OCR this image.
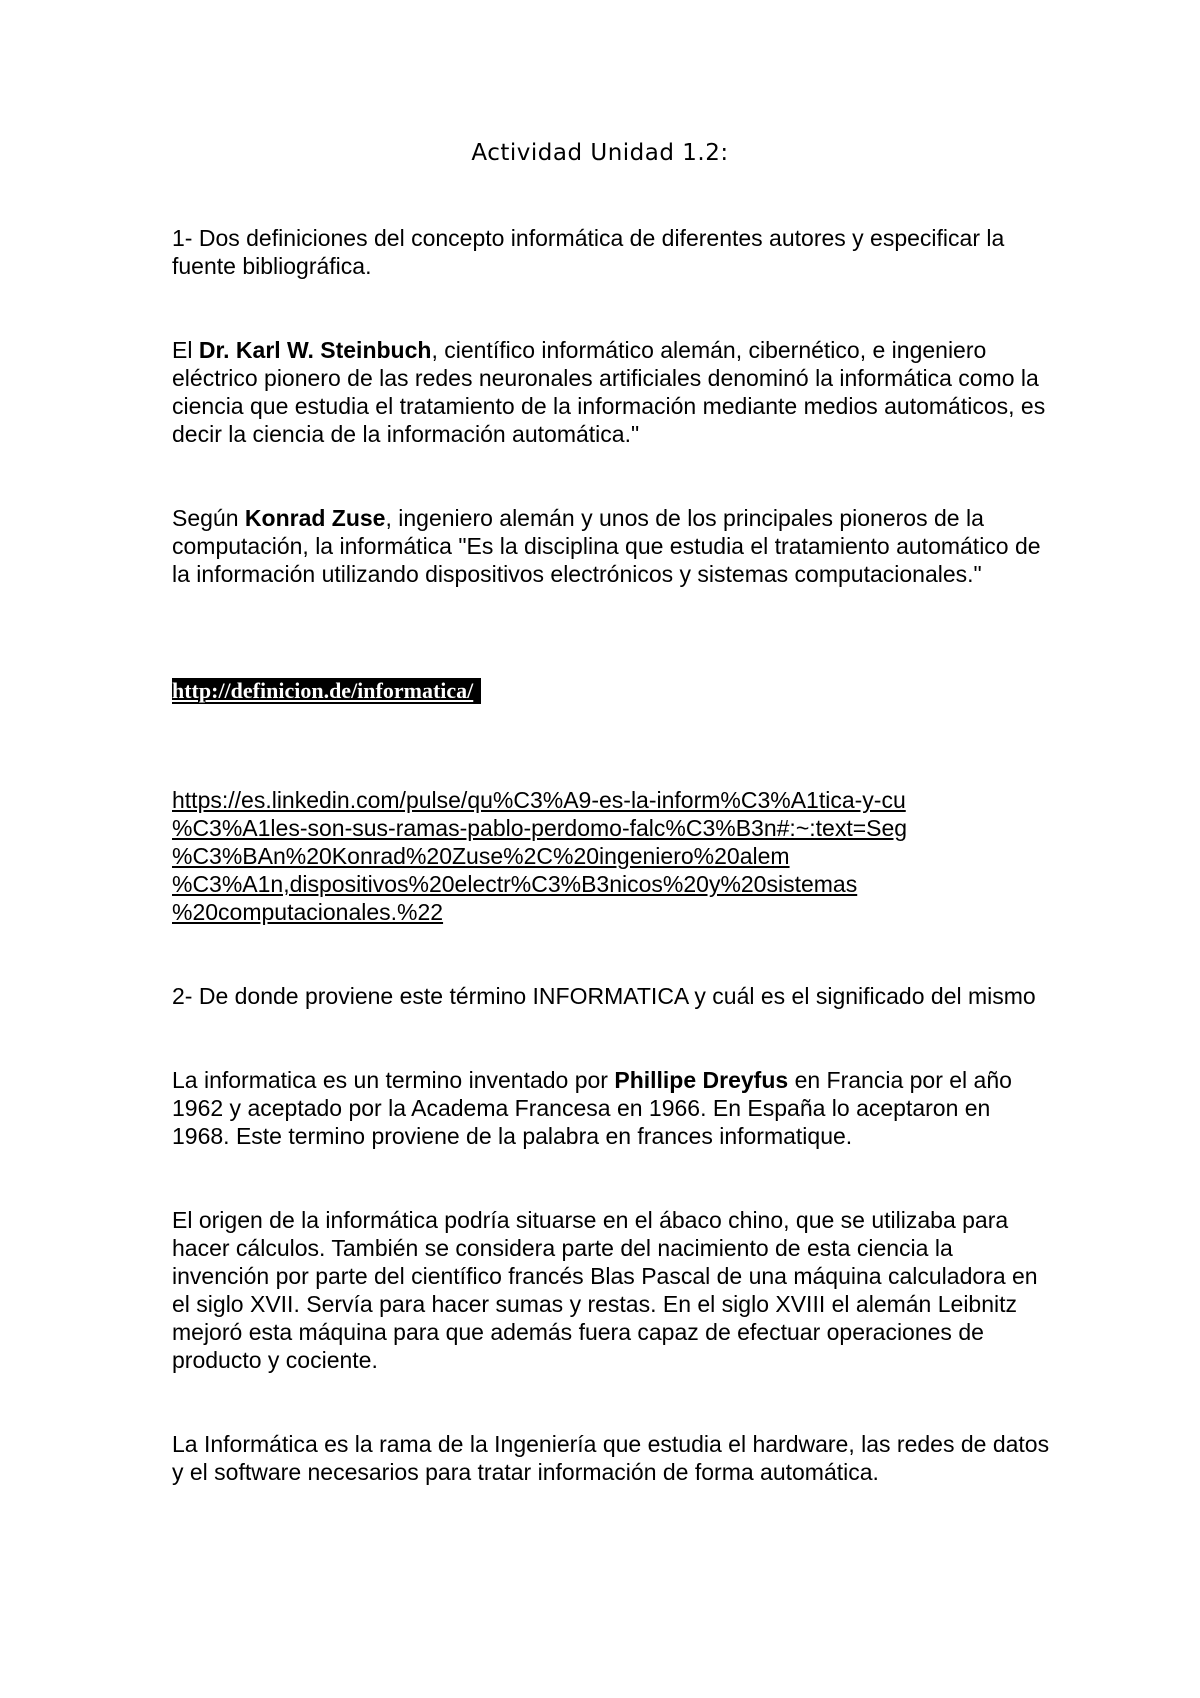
Actividad Unidad 1.2:

1- Dos definiciones del concepto informática de diferentes autores y especificar la fuente bibliográfica.

El Dr. Karl W. Steinbuch, científico informático alemán, cibernético, e ingeniero eléctrico pionero de las redes neuronales artificiales denominó la informática como la ciencia que estudia el tratamiento de la información mediante medios automáticos, es decir la ciencia de la información automática."

Según Konrad Zuse, ingeniero alemán y unos de los principales pioneros de la computación, la informática "Es la disciplina que estudia el tratamiento automático de la información utilizando dispositivos electrónicos y sistemas computacionales."

http://definicion.de/informatica/
https://es.linkedin.com/pulse/qu%C3%A9-es-la-inform%C3%A1tica-y-cu
%C3%A1les-son-sus-ramas-pablo-perdomo-falc%C3%B3n#:~:text=Seg
%C3%BAn%20Konrad%20Zuse%2C%20ingeniero%20alem
%C3%A1n,dispositivos%20electr%C3%B3nicos%20y%20sistemas
%20computacionales.%22

2- De donde proviene este término INFORMATICA y cuál es el significado del mismo

La informatica es un termino inventado por Phillipe Dreyfus en Francia por el año 1962 y aceptado por la Academa Francesa en 1966. En España lo aceptaron en 1968. Este termino proviene de la palabra en frances informatique.

El origen de la informática podría situarse en el ábaco chino, que se utilizaba para hacer cálculos. También se considera parte del nacimiento de esta ciencia la invención por parte del científico francés Blas Pascal de una máquina calculadora en el siglo XVII. Servía para hacer sumas y restas. En el siglo XVIII el alemán Leibnitz mejoró esta máquina para que además fuera capaz de efectuar operaciones de producto y cociente.

La Informática es la rama de la Ingeniería que estudia el hardware, las redes de datos y el software necesarios para tratar información de forma automática.
